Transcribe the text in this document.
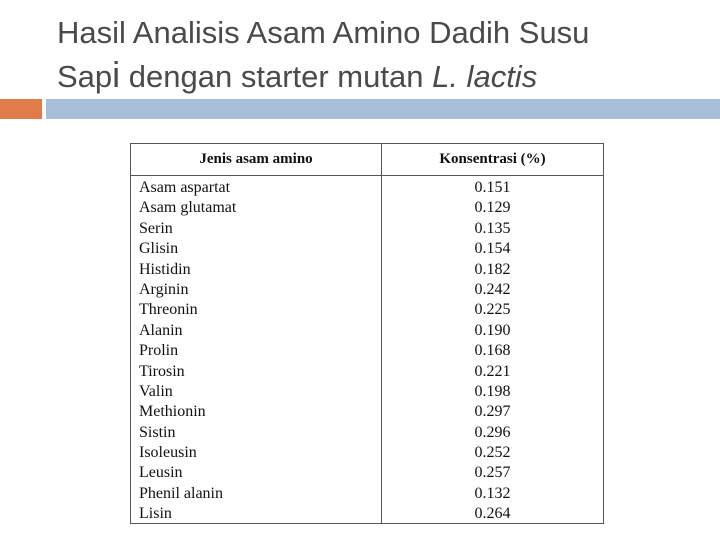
Hasil Analisis Asam Amino Dadih Susu
Sapi dengan starter mutan L. lactis
Jenis asam amino	Konsentrasi (%)
Asam aspartat
Asam glutamat
Serin
Glisin
Histidin
Arginin
Threonin
Alanin
Prolin
Tirosin
Valin
Methionin
Sistin
Isoleusin
Leusin
Phenil alanin
Lisin
0.151
0.129
0.135
0.154
0.182
0.242
0.225
0.190
0.168
0.221
0.198
0.297
0.296
0.252
0.257
0.132
0.264
